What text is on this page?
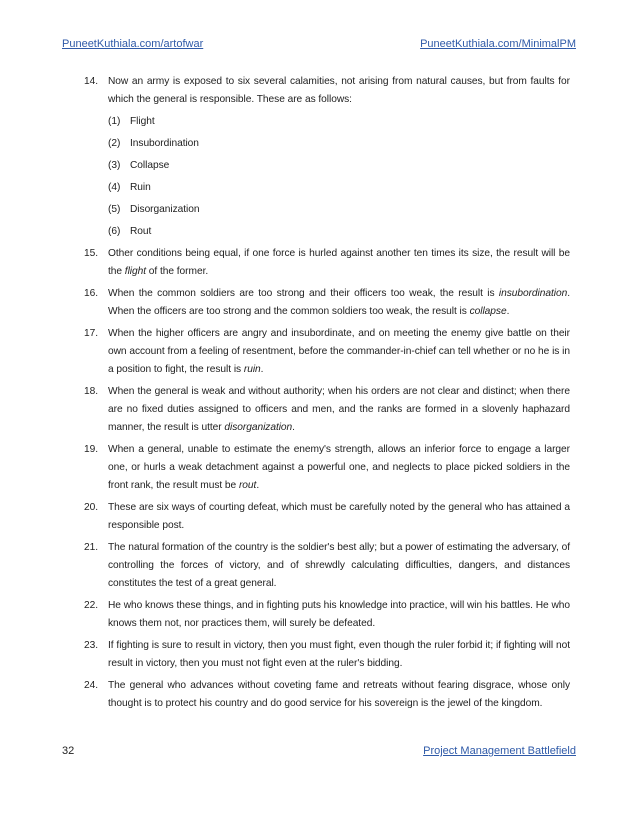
PuneetKuthiala.com/artofwar	PuneetKuthiala.com/MinimalPM
14. Now an army is exposed to six several calamities, not arising from natural causes, but from faults for which the general is responsible. These are as follows:
(1) Flight
(2) Insubordination
(3) Collapse
(4) Ruin
(5) Disorganization
(6) Rout
15. Other conditions being equal, if one force is hurled against another ten times its size, the result will be the flight of the former.
16. When the common soldiers are too strong and their officers too weak, the result is insubordination. When the officers are too strong and the common soldiers too weak, the result is collapse.
17. When the higher officers are angry and insubordinate, and on meeting the enemy give battle on their own account from a feeling of resentment, before the commander-in-chief can tell whether or no he is in a position to fight, the result is ruin.
18. When the general is weak and without authority; when his orders are not clear and distinct; when there are no fixed duties assigned to officers and men, and the ranks are formed in a slovenly haphazard manner, the result is utter disorganization.
19. When a general, unable to estimate the enemy's strength, allows an inferior force to engage a larger one, or hurls a weak detachment against a powerful one, and neglects to place picked soldiers in the front rank, the result must be rout.
20. These are six ways of courting defeat, which must be carefully noted by the general who has attained a responsible post.
21. The natural formation of the country is the soldier's best ally; but a power of estimating the adversary, of controlling the forces of victory, and of shrewdly calculating difficulties, dangers, and distances constitutes the test of a great general.
22. He who knows these things, and in fighting puts his knowledge into practice, will win his battles. He who knows them not, nor practices them, will surely be defeated.
23. If fighting is sure to result in victory, then you must fight, even though the ruler forbid it; if fighting will not result in victory, then you must not fight even at the ruler's bidding.
24. The general who advances without coveting fame and retreats without fearing disgrace, whose only thought is to protect his country and do good service for his sovereign is the jewel of the kingdom.
32	Project Management Battlefield
